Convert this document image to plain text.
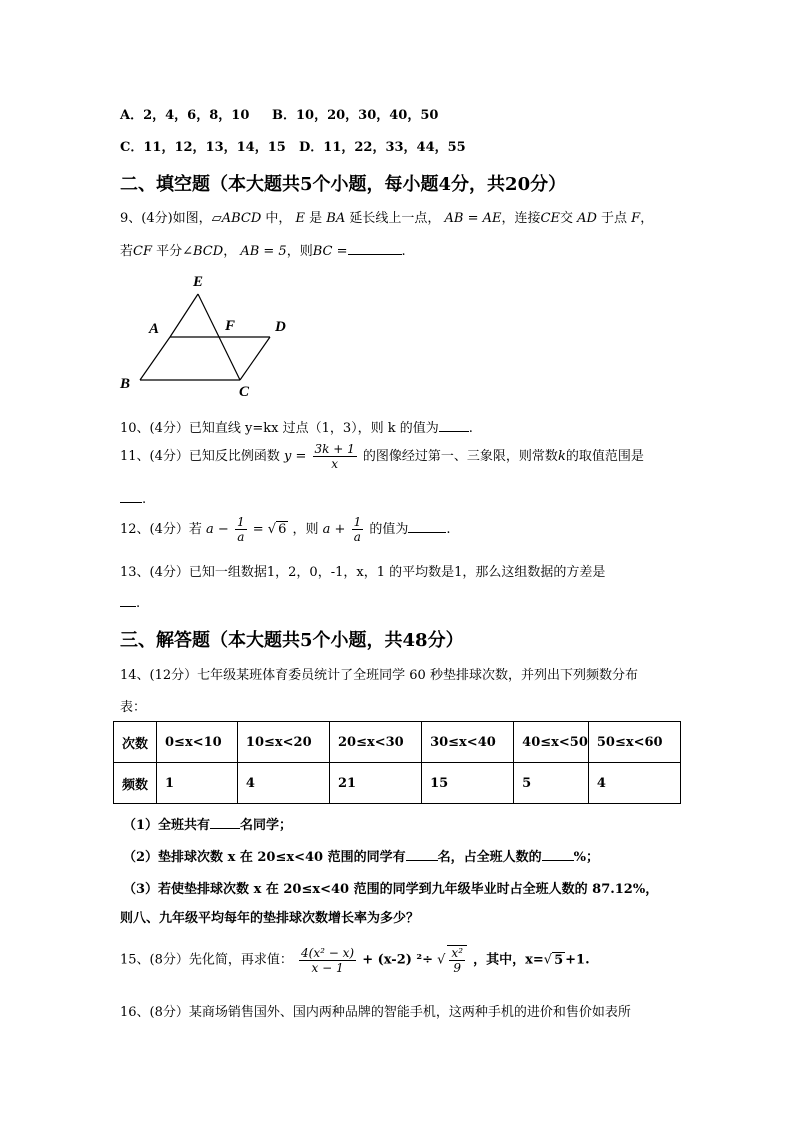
A．2，4，6，8，10 B．10，20，30，40，50
C．11，12，13，14，15 D．11，22，33，44，55
二、填空题（本大题共5个小题，每小题4分，共20分）
9、(4分)如图，▱ABCD 中， E 是 BA 延长线上一点， AB = AE，连接CE交 AD 于点 F，
若CF 平分∠BCD， AB = 5，则BC =	.
E
A	F	D
B	C
10、(4分）已知直线 y=kx 过点（1，3），则 k 的值为 .
11、(4分）已知反比例函数 $y = \frac{3k + 1}{x}$ 的图像经过第一、三象限，则常数k的取值范围是
.
12、(4分）若 $a - \frac{1}{a}$ = √ 6 ，则 $a + \frac{1}{a}$ 的值为	.
13、(4分）已知一组数据1，2，0，-1，x，1 的平均数是1，那么这组数据的方差是
.
三、解答题（本大题共5个小题，共48分）
14、(12分）七年级某班体育委员统计了全班同学 60 秒垫排球次数，并列出下列频数分布
表：
次数	0≤x<10	10≤x<20	20≤x<30	30≤x<40	40≤x<50	50≤x<60
频数	1	4	21	15	5	4
（1）全班共有 名同学；
（2）垫排球次数 x 在 20≤x<40 范围的同学有 名，占全班人数的 %；
（3）若使垫排球次数 x 在 20≤x<40 范围的同学到九年级毕业时占全班人数的 87.12%，
则八、九年级平均每年的垫排球次数增长率为多少？
15、(8分）先化简，再求值： $\frac{\text{4(x² − x)}}{x - 1} + (x-2)$ ²÷ √ $\frac{\text{x²}}{9}$ ，其中，x=√ 5 +1.
16、(8分）某商场销售国外、国内两种品牌的智能手机，这两种手机的进价和售价如表所
